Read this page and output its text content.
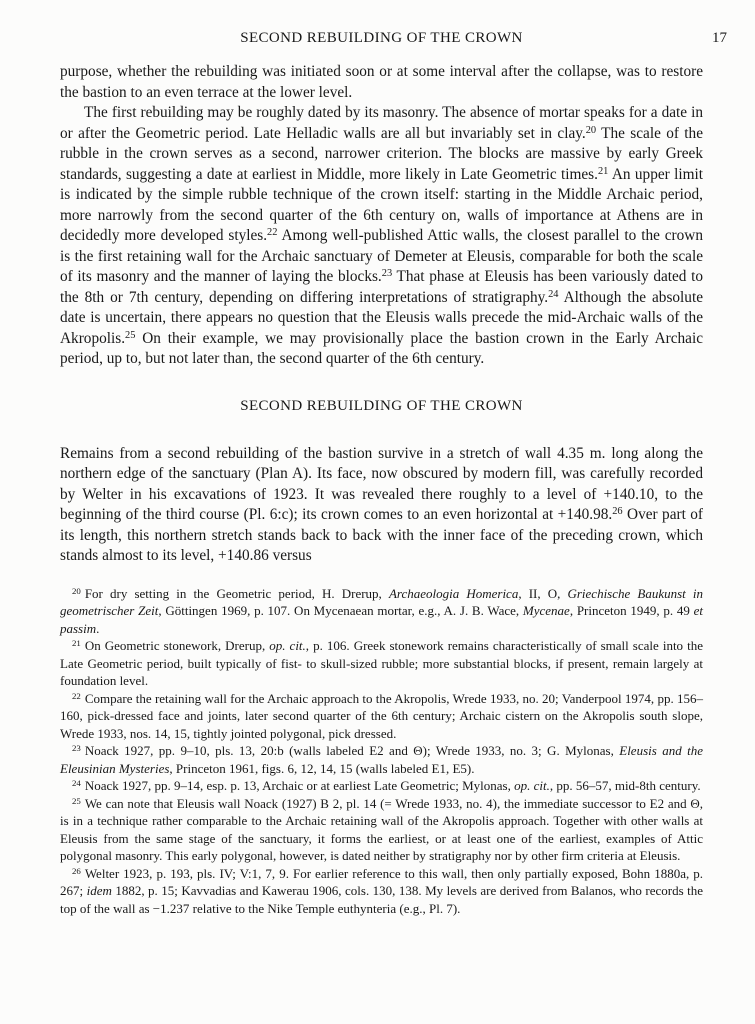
SECOND REBUILDING OF THE CROWN	17

purpose, whether the rebuilding was initiated soon or at some interval after the collapse, was to restore the bastion to an even terrace at the lower level.

The first rebuilding may be roughly dated by its masonry. The absence of mortar speaks for a date in or after the Geometric period. Late Helladic walls are all but invariably set in clay.$^{20}$ The scale of the rubble in the crown serves as a second, narrower criterion. The blocks are massive by early Greek standards, suggesting a date at earliest in Middle, more likely in Late Geometric times.$^{21}$ An upper limit is indicated by the simple rubble technique of the crown itself: starting in the Middle Archaic period, more narrowly from the second quarter of the 6th century on, walls of importance at Athens are in decidedly more developed styles.$^{22}$ Among well-published Attic walls, the closest parallel to the crown is the first retaining wall for the Archaic sanctuary of Demeter at Eleusis, comparable for both the scale of its masonry and the manner of laying the blocks.$^{23}$ That phase at Eleusis has been variously dated to the 8th or 7th century, depending on differing interpretations of stratigraphy.$^{24}$ Although the absolute date is uncertain, there appears no question that the Eleusis walls precede the mid-Archaic walls of the Akropolis.$^{25}$ On their example, we may provisionally place the bastion crown in the Early Archaic period, up to, but not later than, the second quarter of the 6th century.

SECOND REBUILDING OF THE CROWN

Remains from a second rebuilding of the bastion survive in a stretch of wall 4.35 m. long along the northern edge of the sanctuary (Plan A). Its face, now obscured by modern fill, was carefully recorded by Welter in his excavations of 1923. It was revealed there roughly to a level of +140.10, to the beginning of the third course (Pl. 6:c); its crown comes to an even horizontal at +140.98.26 Over part of its length, this northern stretch stands back to back with the inner face of the preceding crown, which stands almost to its level, +140.86 versus

$^{20}$ For dry setting in the Geometric period, H. Drerup, Archaeologia Homerica, II, O, Griechische Baukunst in geometrischer Zeit, Göttingen 1969, p. 107. On Mycenaean mortar, e.g., A. J. B. Wace, Mycenae, Princeton 1949, p. 49 et passim.

$^{21}$ On Geometric stonework, Drerup, op. cit., p. 106. Greek stonework remains characteristically of small scale into the Late Geometric period, built typically of fist- to skull-sized rubble; more substantial blocks, if present, remain largely at foundation level.

$^{22}$ Compare the retaining wall for the Archaic approach to the Akropolis, Wrede 1933, no. 20; Vanderpool 1974, pp. 156–160, pick-dressed face and joints, later second quarter of the 6th century; Archaic cistern on the Akropolis south slope, Wrede 1933, nos. 14, 15, tightly jointed polygonal, pick dressed.

$^{23}$ Noack 1927, pp. 9–10, pls. 13, 20:b (walls labeled E2 and Θ); Wrede 1933, no. 3; G. Mylonas, Eleusis and the Eleusinian Mysteries, Princeton 1961, figs. 6, 12, 14, 15 (walls labeled E1, E5).

$^{24}$ Noack 1927, pp. 9–14, esp. p. 13, Archaic or at earliest Late Geometric; Mylonas, op. cit., pp. 56–57, mid-8th century.

$^{25}$ We can note that Eleusis wall Noack (1927) B 2, pl. 14 (= Wrede 1933, no. 4), the immediate successor to E2 and Θ, is in a technique rather comparable to the Archaic retaining wall of the Akropolis approach. Together with other walls at Eleusis from the same stage of the sanctuary, it forms the earliest, or at least one of the earliest, examples of Attic polygonal masonry. This early polygonal, however, is dated neither by stratigraphy nor by other firm criteria at Eleusis.

$^{26}$ Welter 1923, p. 193, pls. IV; V:1, 7, 9. For earlier reference to this wall, then only partially exposed, Bohn 1880a, p. 267; idem 1882, p. 15; Kavvadias and Kawerau 1906, cols. 130, 138. My levels are derived from Balanos, who records the top of the wall as −1.237 relative to the Nike Temple euthynteria (e.g., Pl. 7).
